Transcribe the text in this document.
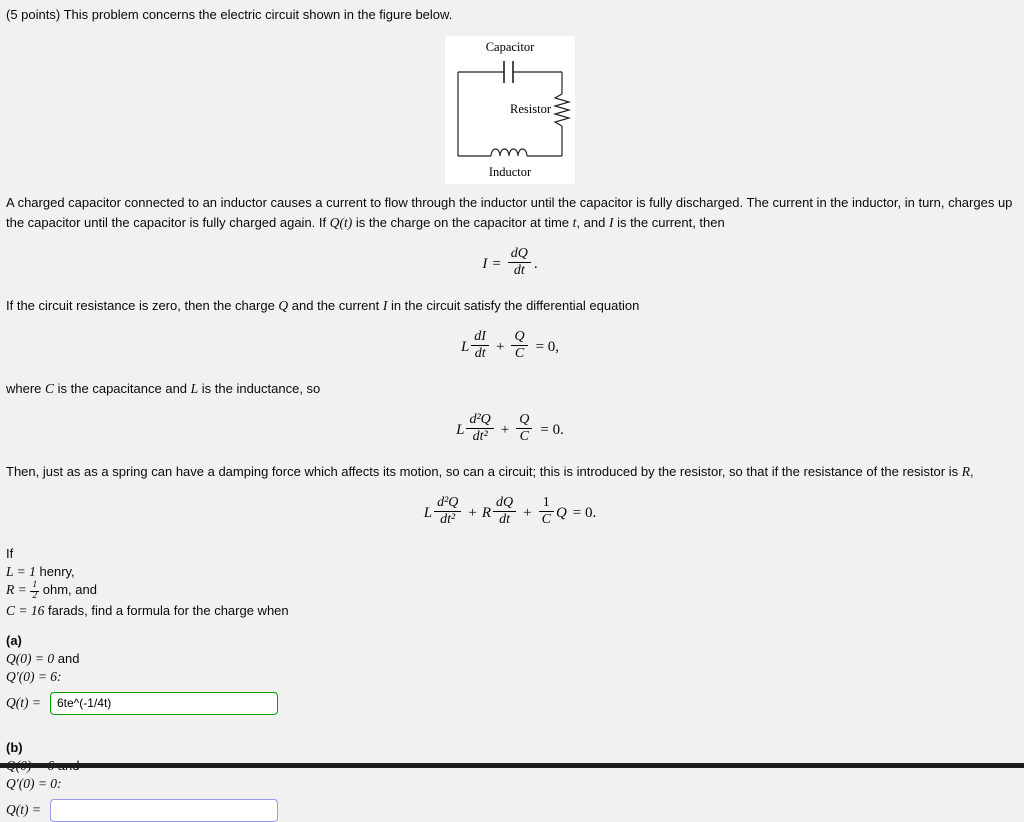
(5 points) This problem concerns the electric circuit shown in the figure below.
Capacitor
Resistor
Inductor

A charged capacitor connected to an inductor causes a current to flow through the inductor until the capacitor is fully discharged. The current in the inductor, in turn, charges up the capacitor until the capacitor is fully charged again. If Q(t) is the charge on the capacitor at time t, and I is the current, then

$I = \frac{dQ}{dt}$ .

If the circuit resistance is zero, then the charge Q and the current I in the circuit satisfy the differential equation

L $\frac{dI}{dt} + \frac{Q}{C} = 0$,

where C is the capacitance and L is the inductance, so

L $\frac{\text{d²Q}}{\text{dt²}} + \frac{Q}{C} = 0$.

Then, just as as a spring can have a damping force which affects its motion, so can a circuit; this is introduced by the resistor, so that if the resistance of the resistor is R,

L $\frac{\text{d²Q}}{\text{dt²}} + R \frac{dQ}{dt} + \frac{1}{C}$ Q = 0.
If
L = 1 henry,
$R = \frac{1}{2}$ ohm, and
C = 16 farads, find a formula for the charge when
(a)
Q(0) = 0 and
Q′(0) = 6:
Q(t) =
6te^(-1/4t)
(b)
Q′(0) = 0:
Q(t) =
